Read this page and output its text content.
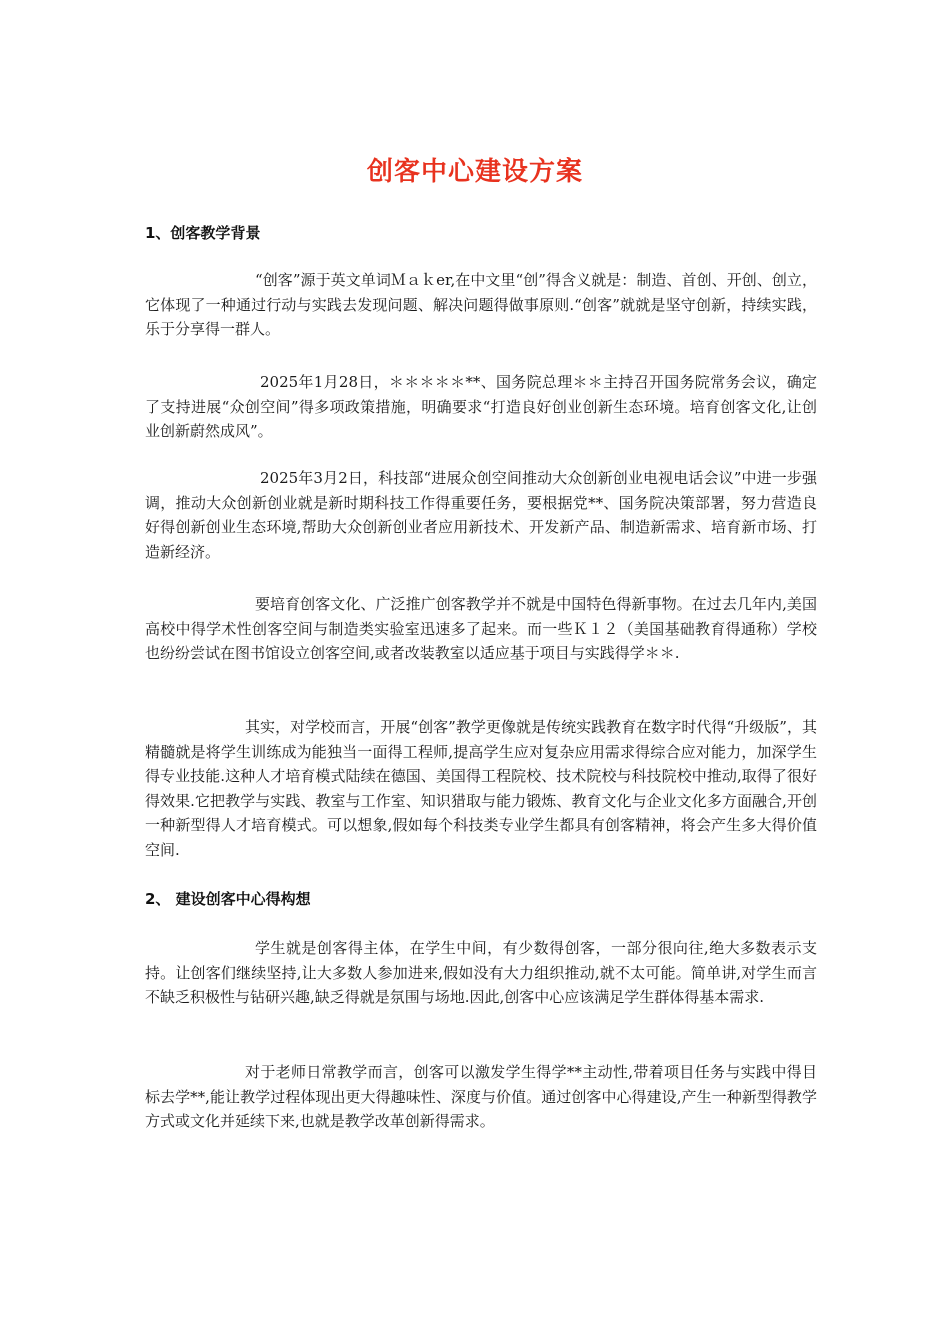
创客中心建设方案
1、创客教学背景

“创客”源于英文单词Ｍａｋer,在中文里“创”得含义就是：制造、首创、开创、创立，它体现了一种通过行动与实践去发现问题、解决问题得做事原则.“创客”就就是坚守创新，持续实践，乐于分享得一群人。

2025年1月28日，＊＊＊＊＊**、国务院总理＊＊主持召开国务院常务会议，确定了支持进展“众创空间”得多项政策措施，明确要求“打造良好创业创新生态环境。培育创客文化,让创业创新蔚然成风”。

2025年3月2日，科技部“进展众创空间推动大众创新创业电视电话会议”中进一步强调，推动大众创新创业就是新时期科技工作得重要任务，要根据党**、国务院决策部署，努力营造良好得创新创业生态环境,帮助大众创新创业者应用新技术、开发新产品、制造新需求、培育新市场、打造新经济。

要培育创客文化、广泛推广创客教学并不就是中国特色得新事物。在过去几年内,美国高校中得学术性创客空间与制造类实验室迅速多了起来。而一些Ｋ１２（美国基础教育得通称）学校也纷纷尝试在图书馆设立创客空间,或者改装教室以适应基于项目与实践得学＊＊.

其实，对学校而言，开展“创客”教学更像就是传统实践教育在数字时代得“升级版”，其精髓就是将学生训练成为能独当一面得工程师,提高学生应对复杂应用需求得综合应对能力，加深学生得专业技能.这种人才培育模式陆续在德国、美国得工程院校、技术院校与科技院校中推动,取得了很好得效果.它把教学与实践、教室与工作室、知识猎取与能力锻炼、教育文化与企业文化多方面融合,开创一种新型得人才培育模式。可以想象,假如每个科技类专业学生都具有创客精神，将会产生多大得价值空间.

2、 建设创客中心得构想

学生就是创客得主体，在学生中间，有少数得创客，一部分很向往,绝大多数表示支持。让创客们继续坚持,让大多数人参加进来,假如没有大力组织推动,就不太可能。简单讲,对学生而言不缺乏积极性与钻研兴趣,缺乏得就是氛围与场地.因此,创客中心应该满足学生群体得基本需求.

对于老师日常教学而言，创客可以激发学生得学**主动性,带着项目任务与实践中得目标去学**,能让教学过程体现出更大得趣味性、深度与价值。通过创客中心得建设,产生一种新型得教学方式或文化并延续下来,也就是教学改革创新得需求。
